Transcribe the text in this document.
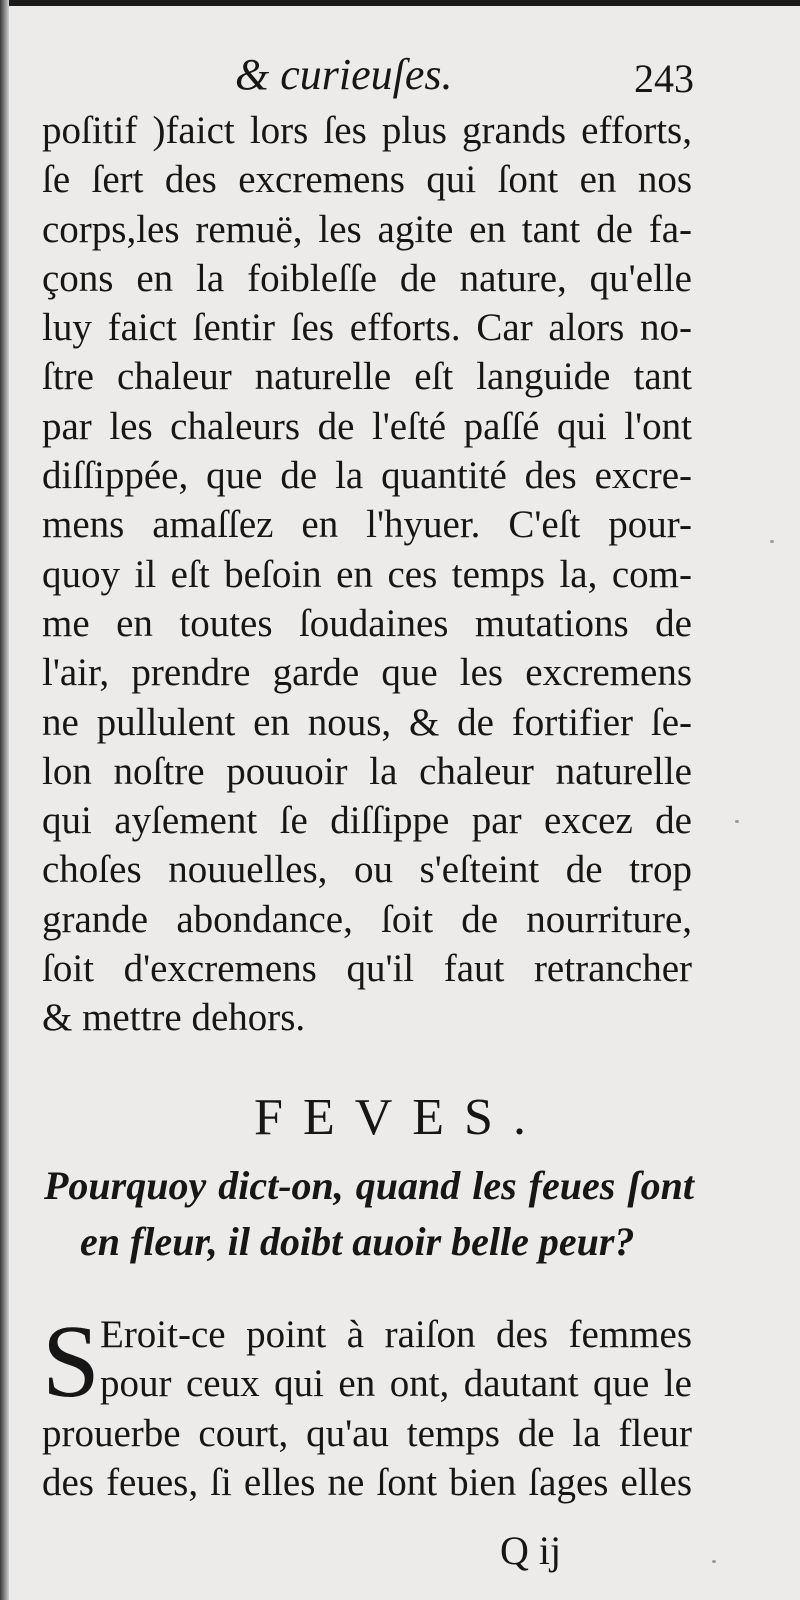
& curieuſes.	243
poſitif )faict lors ſes plus grands efforts,
ſe ſert des excremens qui ſont en nos
corps,les remuë, les agite en tant de fa-
çons en la foibleſſe de nature, qu'elle
luy faict ſentir ſes efforts. Car alors no-
ſtre chaleur naturelle eſt languide tant
par les chaleurs de l'eſté paſſé qui l'ont
diſſippée, que de la quantité des excre-
mens amaſſez en l'hyuer. C'eſt pour-
quoy il eſt beſoin en ces temps la, com-
me en toutes ſoudaines mutations de
l'air, prendre garde que les excremens
ne pullulent en nous, & de fortifier ſe-
lon noſtre pouuoir la chaleur naturelle
qui ayſement ſe diſſippe par excez de
choſes nouuelles, ou s'eſteint de trop
grande abondance, ſoit de nourriture,
ſoit d'excremens qu'il faut retrancher
& mettre dehors.
FEVES.
Pourquoy dict-on, quand les feues ſont
en fleur, il doibt auoir belle peur?
S Eroit-ce point à raiſon des femmes
pour ceux qui en ont, dautant que le
prouerbe court, qu'au temps de la fleur
des feues, ſi elles ne ſont bien ſages elles
Q ij
